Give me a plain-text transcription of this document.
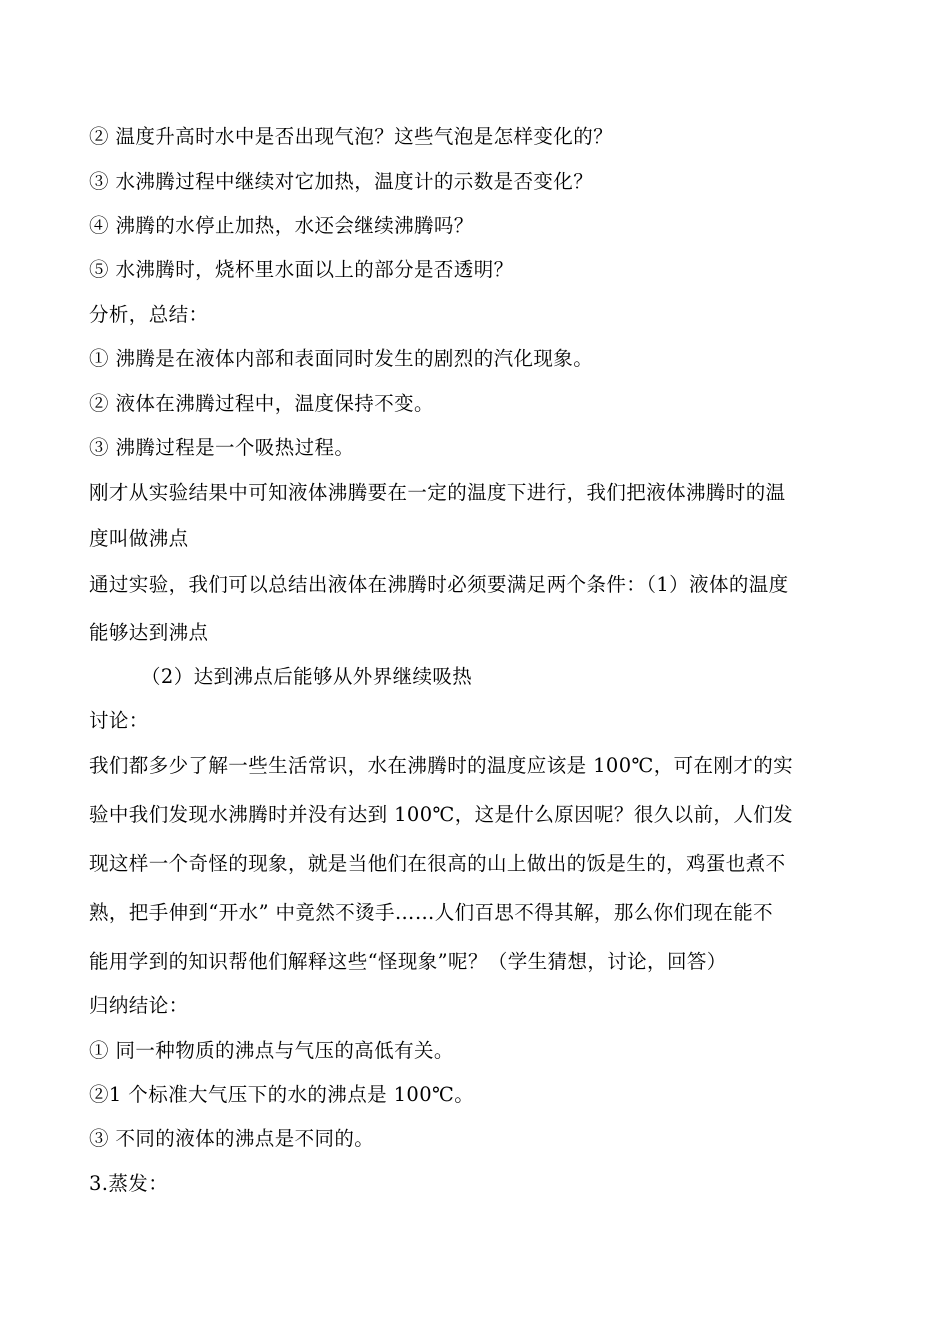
② 温度升高时水中是否出现气泡？这些气泡是怎样变化的？
③ 水沸腾过程中继续对它加热，温度计的示数是否变化？
④ 沸腾的水停止加热，水还会继续沸腾吗？
⑤ 水沸腾时，烧杯里水面以上的部分是否透明？
分析，总结：
① 沸腾是在液体内部和表面同时发生的剧烈的汽化现象。
② 液体在沸腾过程中，温度保持不变。
③ 沸腾过程是一个吸热过程。
刚才从实验结果中可知液体沸腾要在一定的温度下进行，我们把液体沸腾时的温
度叫做沸点
通过实验，我们可以总结出液体在沸腾时必须要满足两个条件：（1）液体的温度
能够达到沸点
（2）达到沸点后能够从外界继续吸热
讨论：
我们都多少了解一些生活常识，水在沸腾时的温度应该是 100℃，可在刚才的实
验中我们发现水沸腾时并没有达到 100℃，这是什么原因呢？很久以前，人们发
现这样一个奇怪的现象，就是当他们在很高的山上做出的饭是生的，鸡蛋也煮不
熟，把手伸到“开水” 中竟然不烫手……人们百思不得其解，那么你们现在能不
能用学到的知识帮他们解释这些“怪现象”呢？（学生猜想，讨论，回答）
归纳结论：
① 同一种物质的沸点与气压的高低有关。
②1 个标准大气压下的水的沸点是 100℃。
③ 不同的液体的沸点是不同的。
3.蒸发：
